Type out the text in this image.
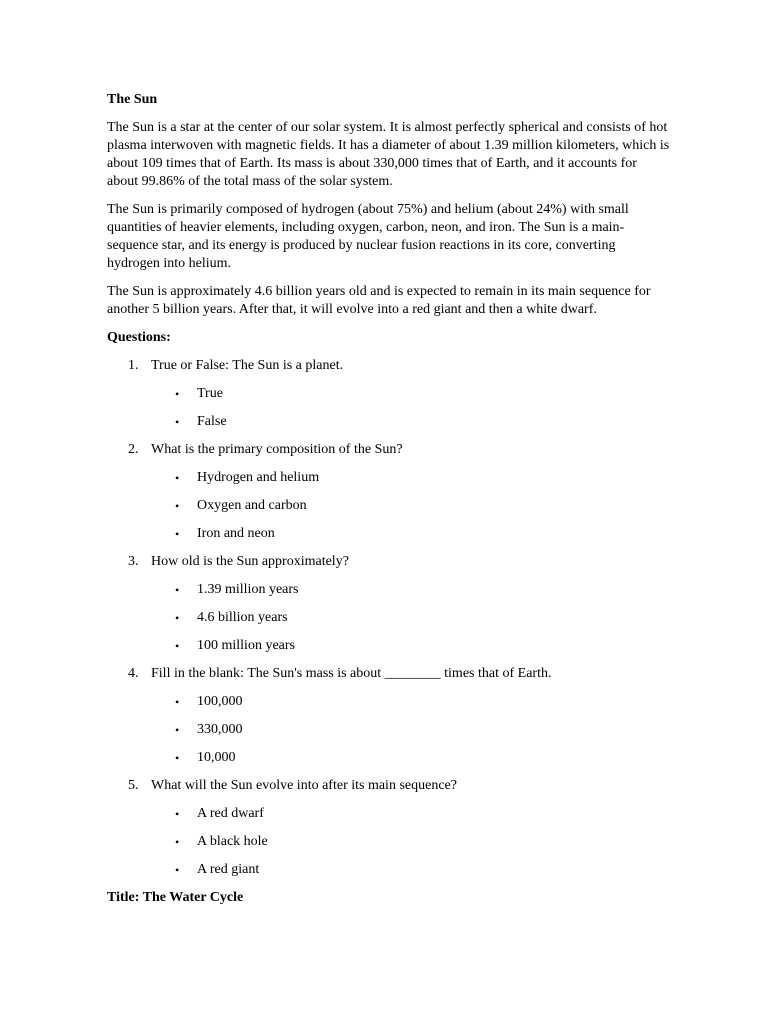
The Sun
The Sun is a star at the center of our solar system. It is almost perfectly spherical and consists of hot
plasma interwoven with magnetic fields. It has a diameter of about 1.39 million kilometers, which is
about 109 times that of Earth. Its mass is about 330,000 times that of Earth, and it accounts for
about 99.86% of the total mass of the solar system.
The Sun is primarily composed of hydrogen (about 75%) and helium (about 24%) with small
quantities of heavier elements, including oxygen, carbon, neon, and iron. The Sun is a main-
sequence star, and its energy is produced by nuclear fusion reactions in its core, converting
hydrogen into helium.
The Sun is approximately 4.6 billion years old and is expected to remain in its main sequence for
another 5 billion years. After that, it will evolve into a red giant and then a white dwarf.
Questions:
1. True or False: The Sun is a planet.
• True
• False
2. What is the primary composition of the Sun?
• Hydrogen and helium
• Oxygen and carbon
• Iron and neon
3. How old is the Sun approximately?
• 1.39 million years
• 4.6 billion years
• 100 million years
4. Fill in the blank: The Sun's mass is about ________ times that of Earth.
• 100,000
• 330,000
• 10,000
5. What will the Sun evolve into after its main sequence?
• A red dwarf
• A black hole
• A red giant
Title: The Water Cycle
